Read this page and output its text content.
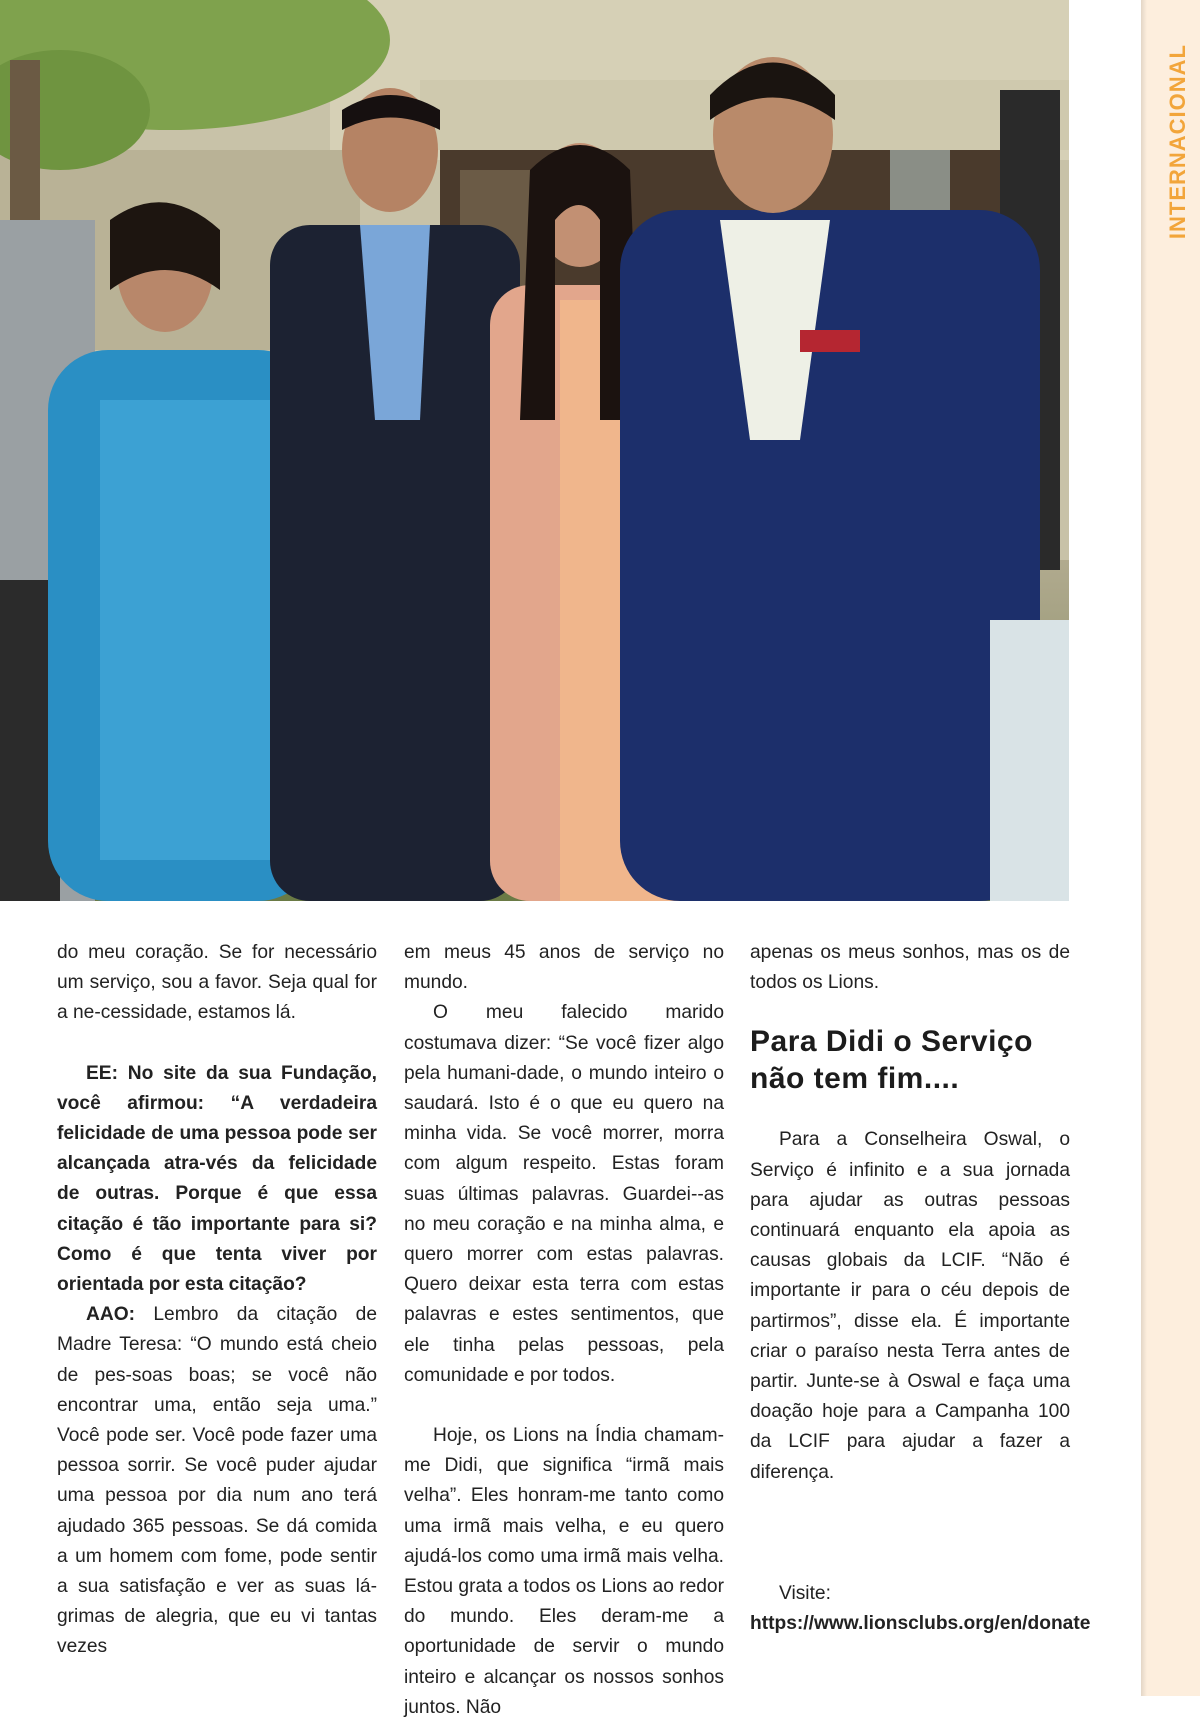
INTERNACIONAL

do meu coração. Se for necessário um serviço, sou a favor. Seja qual for a ne-cessidade, estamos lá.

EE: No site da sua Fundação, você afirmou: “A verdadeira felicidade de uma pessoa pode ser alcançada atra-vés da felicidade de outras. Porque é que essa citação é tão importante para si? Como é que tenta viver por orientada por esta citação?

AAO: Lembro da citação de Madre Teresa: “O mundo está cheio de pes-soas boas; se você não encontrar uma, então seja uma.” Você pode ser. Você pode fazer uma pessoa sorrir. Se você puder ajudar uma pessoa por dia num ano terá ajudado 365 pessoas. Se dá comida a um homem com fome, pode sentir a sua satisfação e ver as suas lá-grimas de alegria, que eu vi tantas vezes

em meus 45 anos de serviço no mundo.

O meu falecido marido costumava dizer: “Se você fizer algo pela humani-dade, o mundo inteiro o saudará. Isto é o que eu quero na minha vida. Se você morrer, morra com algum respeito. Estas foram suas últimas palavras. Guardei--as no meu coração e na minha alma, e quero morrer com estas palavras. Quero deixar esta terra com estas palavras e estes sentimentos, que ele tinha pelas pessoas, pela comunidade e por todos.

Hoje, os Lions na Índia chamam-me Didi, que significa “irmã mais velha”. Eles honram-me tanto como uma irmã mais velha, e eu quero ajudá-los como uma irmã mais velha. Estou grata a todos os Lions ao redor do mundo. Eles deram-me a oportunidade de servir o mundo inteiro e alcançar os nossos sonhos juntos. Não

apenas os meus sonhos, mas os de todos os Lions.

Para Didi o Serviço não tem fim....

Para a Conselheira Oswal, o Serviço é infinito e a sua jornada para ajudar as outras pessoas continuará enquanto ela apoia as causas globais da LCIF. “Não é importante ir para o céu depois de partirmos”, disse ela. É importante criar o paraíso nesta Terra antes de partir. Junte-se à Oswal e faça uma doação hoje para a Campanha 100 da LCIF para ajudar a fazer a diferença.

Visite: https://www.lionsclubs.org/en/donate
